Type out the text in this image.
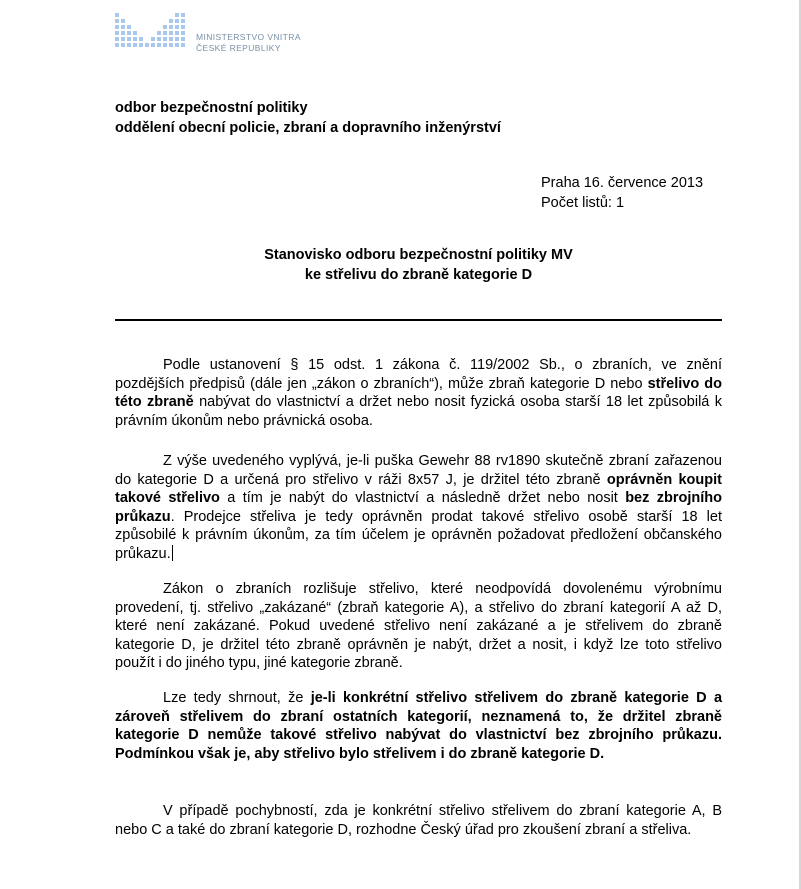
MINISTERSTVO VNITRA
ČESKÉ REPUBLIKY
odbor bezpečnostní politiky
oddělení obecní policie, zbraní a dopravního inženýrství
Praha 16. července 2013
Počet listů: 1
Stanovisko odboru bezpečnostní politiky MV
ke střelivu do zbraně kategorie D
Podle ustanovení § 15 odst. 1 zákona č. 119/2002 Sb., o zbraních, ve znění pozdějších předpisů (dále jen „zákon o zbraních“), může zbraň kategorie D nebo střelivo do této zbraně nabývat do vlastnictví a držet nebo nosit fyzická osoba starší 18 let způsobilá k právním úkonům nebo právnická osoba.
Z výše uvedeného vyplývá, je-li puška Gewehr 88 rv1890 skutečně zbraní zařazenou do kategorie D a určená pro střelivo v ráži 8x57 J, je držitel této zbraně oprávněn koupit takové střelivo a tím je nabýt do vlastnictví a následně držet nebo nosit bez zbrojního průkazu. Prodejce střeliva je tedy oprávněn prodat takové střelivo osobě starší 18 let způsobilé k právním úkonům, za tím účelem je oprávněn požadovat předložení občanského průkazu.
Zákon o zbraních rozlišuje střelivo, které neodpovídá dovolenému výrobnímu provedení, tj. střelivo „zakázané“ (zbraň kategorie A), a střelivo do zbraní kategorií A až D, které není zakázané. Pokud uvedené střelivo není zakázané a je střelivem do zbraně kategorie D, je držitel této zbraně oprávněn je nabýt, držet a nosit, i když lze toto střelivo použít i do jiného typu, jiné kategorie zbraně.
Lze tedy shrnout, že je-li konkrétní střelivo střelivem do zbraně kategorie D a zároveň střelivem do zbraní ostatních kategorií, neznamená to, že držitel zbraně kategorie D nemůže takové střelivo nabývat do vlastnictví bez zbrojního průkazu. Podmínkou však je, aby střelivo bylo střelivem i do zbraně kategorie D.
V případě pochybností, zda je konkrétní střelivo střelivem do zbraní kategorie A, B nebo C a také do zbraní kategorie D, rozhodne Český úřad pro zkoušení zbraní a střeliva.
